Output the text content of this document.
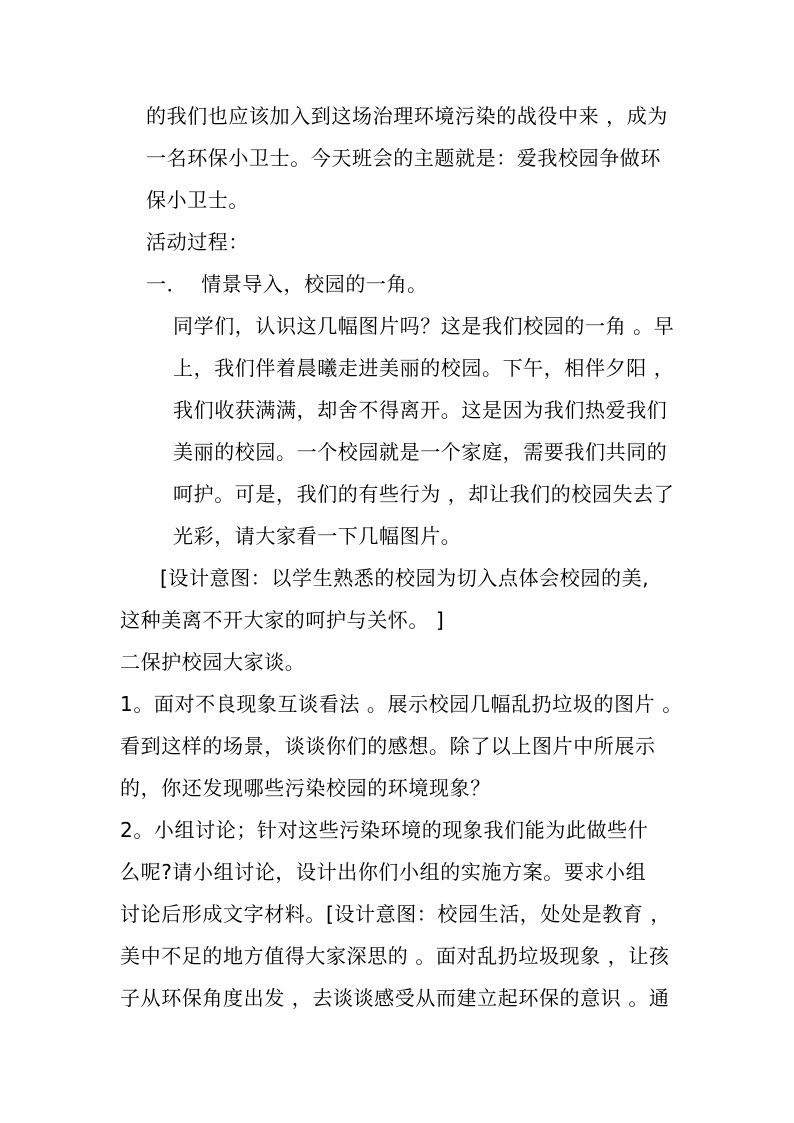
的我们也应该加入到这场治理环境污染的战役中来 ，成为
一名环保小卫士。今天班会的主题就是：爱我校园争做环
保小卫士。
活动过程：
一．  情景导入，校园的一角。
同学们，认识这几幅图片吗？这是我们校园的一角 。早
上，我们伴着晨曦走进美丽的校园。下午，相伴夕阳 ，
我们收获满满，却舍不得离开。这是因为我们热爱我们
美丽的校园。一个校园就是一个家庭，需要我们共同的
呵护。可是，我们的有些行为 ，却让我们的校园失去了
光彩，请大家看一下几幅图片。
[设计意图：以学生熟悉的校园为切入点体会校园的美,
这种美离不开大家的呵护与关怀。 ]
二保护校园大家谈。
1。面对不良现象互谈看法 。展示校园几幅乱扔垃圾的图片 。
看到这样的场景，谈谈你们的感想。除了以上图片中所展示
的，你还发现哪些污染校园的环境现象？
2。小组讨论；针对这些污染环境的现象我们能为此做些什
么呢?请小组讨论，设计出你们小组的实施方案。要求小组
讨论后形成文字材料。[设计意图：校园生活，处处是教育 ，
美中不足的地方值得大家深思的 。面对乱扔垃圾现象 ，让孩
子从环保角度出发 ，去谈谈感受从而建立起环保的意识 。通
